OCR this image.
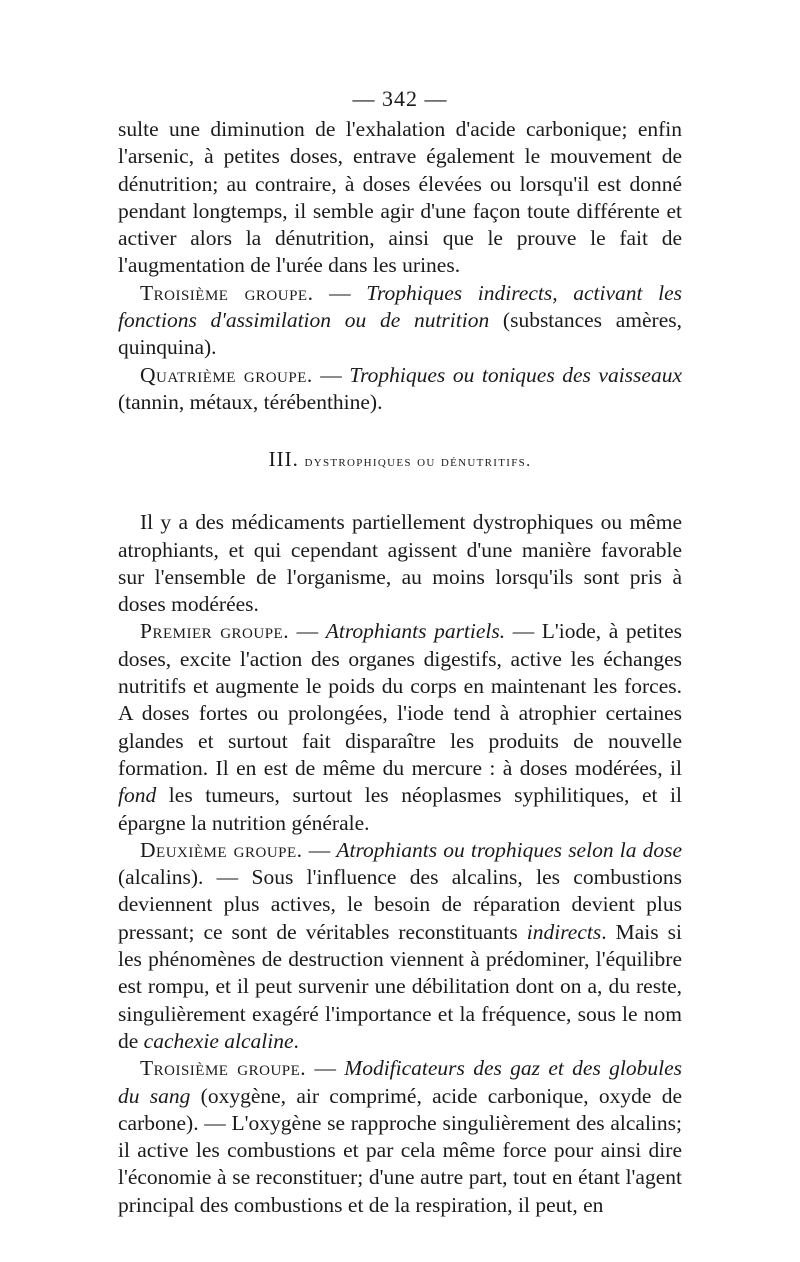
— 342 —

sulte une diminution de l'exhalation d'acide carbonique; enfin l'arsenic, à petites doses, entrave également le mouvement de dénutrition; au contraire, à doses élevées ou lorsqu'il est donné pendant longtemps, il semble agir d'une façon toute différente et activer alors la dénutrition, ainsi que le prouve le fait de l'augmentation de l'urée dans les urines.

Troisième groupe. — Trophiques indirects, activant les fonctions d'assimilation ou de nutrition (substances amères, quinquina).

Quatrième groupe. — Trophiques ou toniques des vaisseaux (tannin, métaux, térébenthine).

III. dystrophiques ou dénutritifs.

Il y a des médicaments partiellement dystrophiques ou même atrophiants, et qui cependant agissent d'une manière favorable sur l'ensemble de l'organisme, au moins lorsqu'ils sont pris à doses modérées.

Premier groupe. — Atrophiants partiels. — L'iode, à petites doses, excite l'action des organes digestifs, active les échanges nutritifs et augmente le poids du corps en maintenant les forces. A doses fortes ou prolongées, l'iode tend à atrophier certaines glandes et surtout fait disparaître les produits de nouvelle formation. Il en est de même du mercure : à doses modérées, il fond les tumeurs, surtout les néoplasmes syphilitiques, et il épargne la nutrition générale.

Deuxième groupe. — Atrophiants ou trophiques selon la dose (alcalins). — Sous l'influence des alcalins, les combustions deviennent plus actives, le besoin de réparation devient plus pressant; ce sont de véritables reconstituants indirects. Mais si les phénomènes de destruction viennent à prédominer, l'équilibre est rompu, et il peut survenir une débilitation dont on a, du reste, singulièrement exagéré l'importance et la fréquence, sous le nom de cachexie alcaline.

Troisième groupe. — Modificateurs des gaz et des globules du sang (oxygène, air comprimé, acide carbonique, oxyde de carbone). — L'oxygène se rapproche singulièrement des alcalins; il active les combustions et par cela même force pour ainsi dire l'économie à se reconstituer; d'une autre part, tout en étant l'agent principal des combustions et de la respiration, il peut, en
